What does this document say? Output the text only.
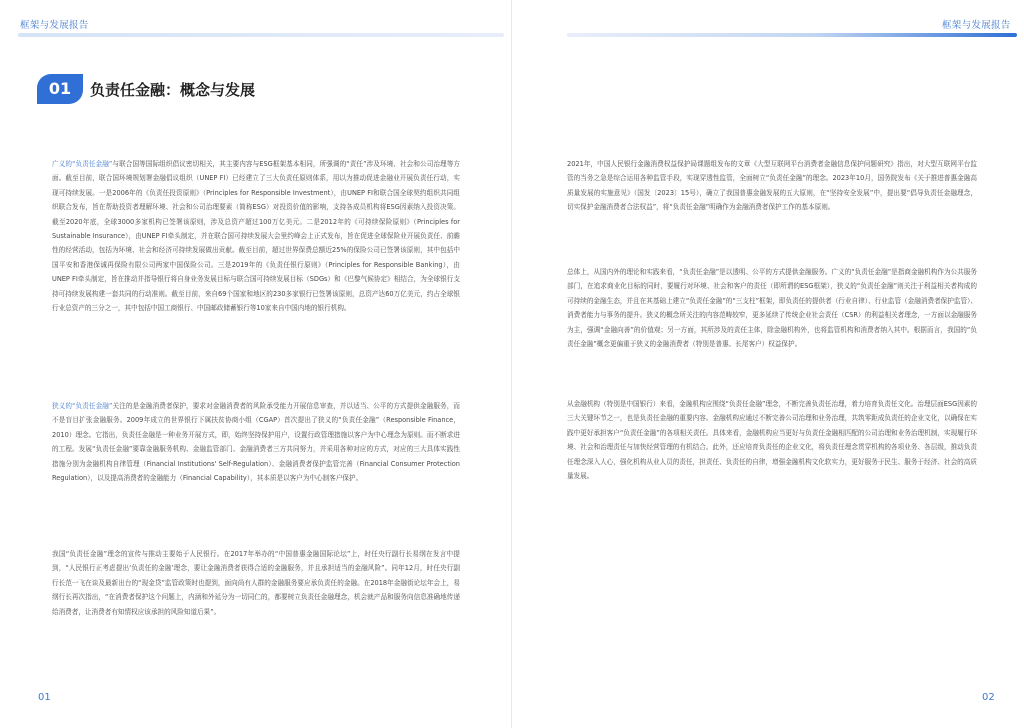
框架与发展报告
01	负责任金融：概念与发展

广义的“负责任金融”与联合国等国际组织倡议密切相关，其主要内容与ESG框架基本相同，所强调的“责任”涉及环境、社会和公司治理等方面。截至目前，联合国环境规划署金融倡议组织（UNEP FI）已经建立了三大负责任原则体系，用以为推动促进金融业开展负责任行动，实现可持续发展。一是2006年的《负责任投资原则》（Principles for Responsible Investment），由UNEP FI和联合国全球契约组织共同组织联合发布，旨在帮助投资者理解环境、社会和公司治理要素（简称ESG）对投资价值的影响，支持各成员机构将ESG因素纳入投资决策。截至2020年底，全球3000多家机构已签署该原则，涉及总资产超过100万亿美元。二是2012年的《可持续保险原则》（Principles for Sustainable Insurance），由UNEP FI牵头制定，并在联合国可持续发展大会里约峰会上正式发布，旨在促进全球保险业开展负责任、前瞻性的经营活动，包括为环境、社会和经济可持续发展做出贡献。截至目前，超过世界保费总额近25%的保险公司已签署该原则，其中包括中国平安和香港保诚再保险有限公司两家中国保险公司。三是2019年的《负责任银行原则》（Principles for Responsible Banking），由UNEP FI牵头制定，旨在推动并指导银行将自身业务发展目标与联合国可持续发展目标（SDGs）和《巴黎气候协定》相结合，为全球银行支持可持续发展构建一套共同的行动准则。截至目前，来自69个国家和地区的230多家银行已签署该原则，总资产达60万亿美元，约占全球银行业总资产的三分之一，其中包括中国工商银行、中国邮政储蓄银行等10家来自中国内地的银行机构。

狭义的“负责任金融”关注的是金融消费者保护，要求对金融消费者的风险承受能力开展信息审查，并以适当、公平的方式提供金融服务，而不是盲目扩张金融服务。2009年成立的世界银行下属扶贫协商小组（CGAP）首次提出了狭义的“负责任金融”（Responsible Finance，2010）理念。它指出，负责任金融是一种业务开展方式，即，始终坚持保护用户，设置行政管理措施以客户为中心理念为原则。而不断求进的工程。发展“负责任金融”要靠金融服务机构、金融监管部门、金融消费者三方共同努力，并采用各种对应的方式，对应的三大具体实践性措施分别为金融机构自律管理（Financial Institutions' Self-Regulation）、金融消费者保护监管完善（Financial Consumer Protection Regulation），以及提高消费者的金融能力（Financial Capability），其本质是以客户为中心制客户保护。

我国“负责任金融”理念的宣传与推动主要始于人民银行。在2017年举办的“中国普惠金融国际论坛”上，时任央行副行长易纲在发言中提到，“人民银行正考虑提出‘负责任的金融’理念，要让金融消费者获得合适的金融服务，并且承担适当的金融风险”。同年12月，时任央行副行长范一飞在谈及最新出台的“现金贷”监管政策时也提到，面向尚有人群的金融服务要应承负责任的金融。在2018年金融街论坛年会上，易纲行长再次指出，“在消费者保护这个问题上，内涵和外延分为一切同仁的，都要树立负责任金融理念，机会就产品和服务向信息准确地传递给消费者，让消费者有知情权应该承担的风险知道后果”。

01
框架与发展报告

2021年，中国人民银行金融消费权益保护局课题组发布的文章《大型互联网平台消费者金融信息保护问题研究》指出，对大型互联网平台监管的当务之急是综合运用各种监管手段，实现穿透性监管，全面树立“负责任金融”的理念。2023年10月，国务院发布《关于推进普惠金融高质量发展的实施意见》（国发〔2023〕15号），确立了我国普惠金融发展的五大原则，在“坚持安全发展”中，提出要“倡导负责任金融理念，切实保护金融消费者合法权益”，将“负责任金融”明确作为金融消费者保护工作的基本原则。

总体上，从国内外的理论和实践来看，“负责任金融”是以透明、公平的方式提供金融服务。广义的“负责任金融”是指商金融机构作为公共服务部门，在追求商业化目标的同时，要履行对环境、社会和客户的责任（即所谓的ESG框架），狭义的“负责任金融”则关注于利益相关者构成的可持续的金融生态，并且在其基础上建立“负责任金融”的“三支柱”框架，即负责任的提供者（行业自律）、行业监管（金融消费者保护监管）、消费者能力与事务的提升。狭义的概念所关注的内容范畴较窄，更多延续了传统企业社会责任（CSR）的利益相关者理念，一方面以金融服务为主，强调“金融向善”的价值观；另一方面，其所涉及的责任主体，除金融机构外，也将监管机构和消费者纳入其中。根据而言，我国的“负责任金融”概念更偏重于狭义的金融消费者（特别是普惠、长尾客户）权益保护。

从金融机构（特别是中国银行）来看，金融机构应围绕“负责任金融”理念，不断完善负责任治理，着力培育负责任文化。治理层面ESG因素的三大关键环节之一，也是负责任金融的重要内容。金融机构应通过不断完善公司治理和业务治理，共筑零距成负责任的企业文化，以确保在实践中更好承担客户“负责任金融”的各项相关责任。具体来看，金融机构应当更好与负责任金融相匹配的公司治理和业务治理机制，实现履行环境、社会和治理责任与加快经营管理的有机结合。此外，还应培育负责任的企业文化，将负责任理念贯穿机构的各项业务、各层级，推动负责任理念深入人心，强化机构从业人员的责任，担责任、负责任的自律，增强金融机构文化软实力，更好服务于民生、服务于经济、社会的高质量发展。

02
